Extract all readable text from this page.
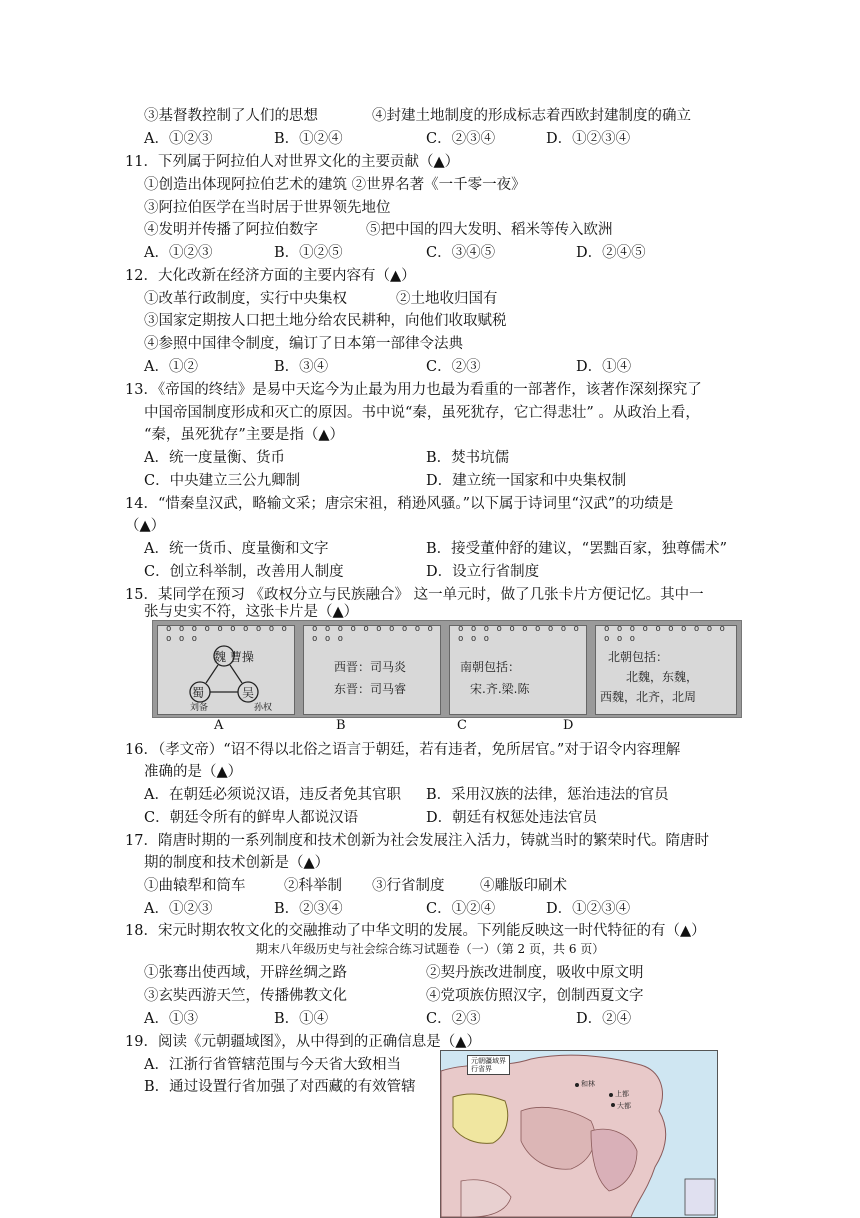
③基督教控制了人们的思想	④封建土地制度的形成标志着西欧封建制度的确立
A．①②③	B．①②④	C．②③④	D．①②③④
11．下列属于阿拉伯人对世界文化的主要贡献（▲）
①创造出体现阿拉伯艺术的建筑 ②世界名著《一千零一夜》
③阿拉伯医学在当时居于世界领先地位
④发明并传播了阿拉伯数字	⑤把中国的四大发明、稻米等传入欧洲
A．①②③	B．①②⑤	C．③④⑤	D．②④⑤
12．大化改新在经济方面的主要内容有（▲）
①改革行政制度，实行中央集权	②土地收归国有
③国家定期按人口把土地分给农民耕种，向他们收取赋税
④参照中国律令制度，编订了日本第一部律令法典
A．①②	B．③④	C．②③	D．①④
13．《帝国的终结》是易中天迄今为止最为用力也最为看重的一部著作，该著作深刻探究了
中国帝国制度形成和灭亡的原因。书中说“秦，虽死犹存，它亡得悲壮” 。从政治上看，
“秦，虽死犹存”主要是指（▲）
A．统一度量衡、货币	B．焚书坑儒
C．中央建立三公九卿制	D．建立统一国家和中央集权制
14．“惜秦皇汉武，略输文采；唐宗宋祖，稍逊风骚。”以下属于诗词里“汉武”的功绩是
（▲）
A．统一货币、度量衡和文字	B．接受董仲舒的建议，“罢黜百家，独尊儒术”
C．创立科举制，改善用人制度	D．设立行省制度
15．某同学在预习 《政权分立与民族融合》 这一单元时，做了几张卡片方便记忆。其中一
张与史实不符，这张卡片是（▲）
o o o o o o o o o o o o o
魏 曹操
蜀
刘备
吴
孙权
o o o o o o o o o o o o o
西晋：司马炎
东晋：司马睿
o o o o o o o o o o o o o
南朝包括：
宋.齐.梁.陈
o o o o o o o o o o o o o
北朝包括：
北魏，东魏，
西魏，北齐，北周
A	B	C	D
16．（孝文帝）“诏不得以北俗之语言于朝廷，若有违者，免所居官。”对于诏令内容理解
准确的是（▲）
A．在朝廷必须说汉语，违反者免其官职 B．采用汉族的法律，惩治违法的官员
C．朝廷令所有的鲜卑人都说汉语	D．朝廷有权惩处违法官员
17．隋唐时期的一系列制度和技术创新为社会发展注入活力，铸就当时的繁荣时代。隋唐时
期的制度和技术创新是（▲）
①曲辕犁和筒车	②科举制 ③行省制度 ④雕版印刷术
A．①②③	B．②③④	C．①②④	D．①②③④
18．宋元时期农牧文化的交融推动了中华文明的发展。下列能反映这一时代特征的有（▲）
期末八年级历史与社会综合练习试题卷（一）（第 2 页，共 6 页）
①张骞出使西域，开辟丝绸之路	②契丹族改进制度，吸收中原文明
③玄奘西游天竺，传播佛教文化	④党项族仿照汉字，创制西夏文字
A．①③	B．①④	C．②③	D．②④
19．阅读《元朝疆域图》，从中得到的正确信息是（▲）
A．江浙行省管辖范围与今天省大致相当
B．通过设置行省加强了对西藏的有效管辖
元朝疆域界
行省界
和林
上都
大都
